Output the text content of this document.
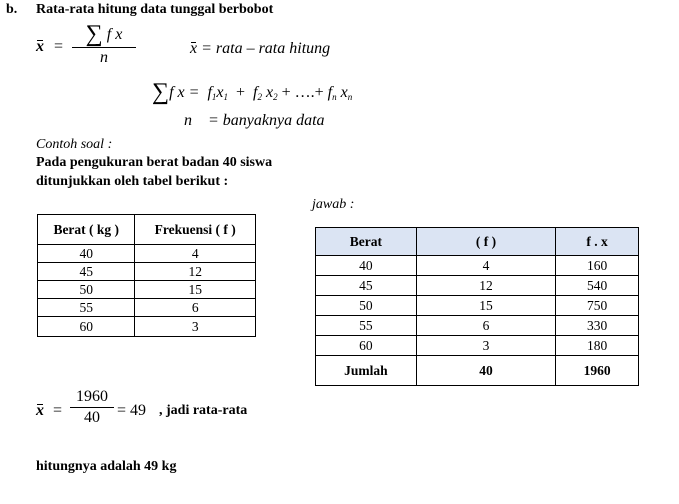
b. Rata-rata hitung data tunggal berbobot
x = ∑ f x
n
x = rata – rata hitung
∑f $x = f_1x_1 + f_2$ $x_2$ + ….+ $f_n$ $x_n$
n = banyaknya data
Contoh soal :
Pada pengukuran berat badan 40 siswa
ditunjukkan oleh tabel berikut :
jawab :
Berat ( kg )	Frekuensi ( f )
40	4
45	12
50	15
55	6
60	3
Berat	( f )	f . x
40	4	160
45	12	540
50	15	750
55	6	330
60	3	180
Jumlah	40	1960
x =
1960
40	= 49 , jadi rata-rata
hitungnya adalah 49 kg
